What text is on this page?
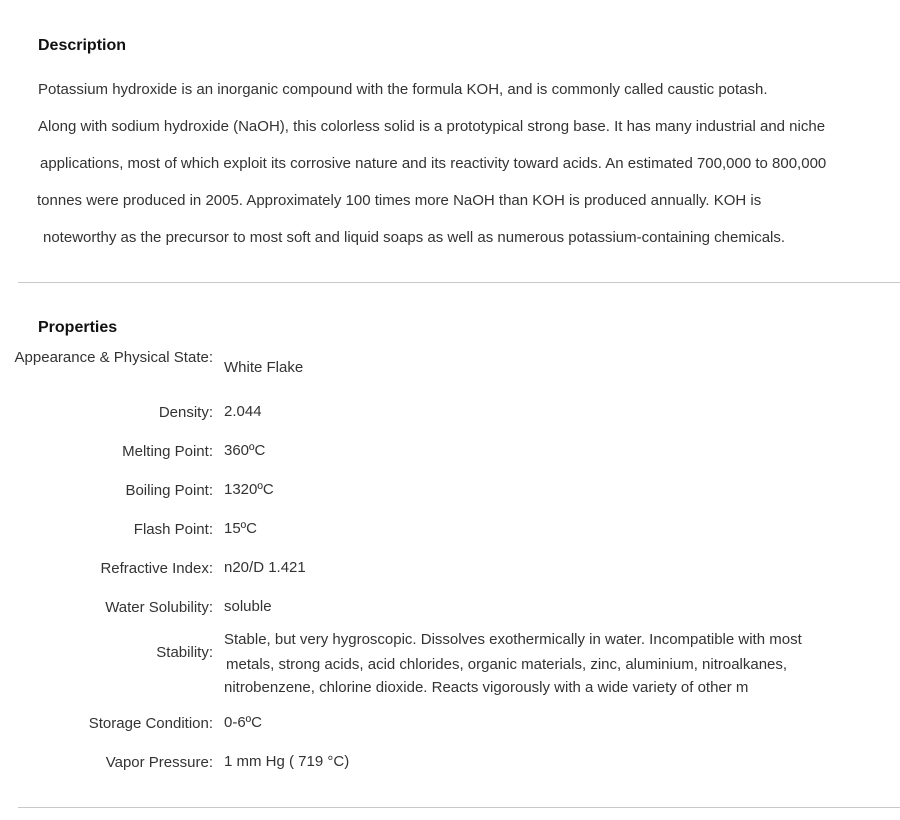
Description
Potassium hydroxide is an inorganic compound with the formula KOH, and is commonly called caustic potash.
Along with sodium hydroxide (NaOH), this colorless solid is a prototypical strong base. It has many industrial and niche
applications, most of which exploit its corrosive nature and its reactivity toward acids. An estimated 700,000 to 800,000
tonnes were produced in 2005. Approximately 100 times more NaOH than KOH is produced annually. KOH is
noteworthy as the precursor to most soft and liquid soaps as well as numerous potassium-containing chemicals.
Properties
Appearance & Physical State:
White Flake
Density: 2.044
Melting Point: 360ºC
Boiling Point: 1320ºC
Flash Point: 15ºC
Refractive Index: n20/D 1.421
Water Solubility: soluble
Stability:
Stable, but very hygroscopic. Dissolves exothermically in water. Incompatible with most
metals, strong acids, acid chlorides, organic materials, zinc, aluminium, nitroalkanes,
nitrobenzene, chlorine dioxide. Reacts vigorously with a wide variety of other m
Storage Condition: 0-6ºC
Vapor Pressure: 1 mm Hg ( 719 °C)
